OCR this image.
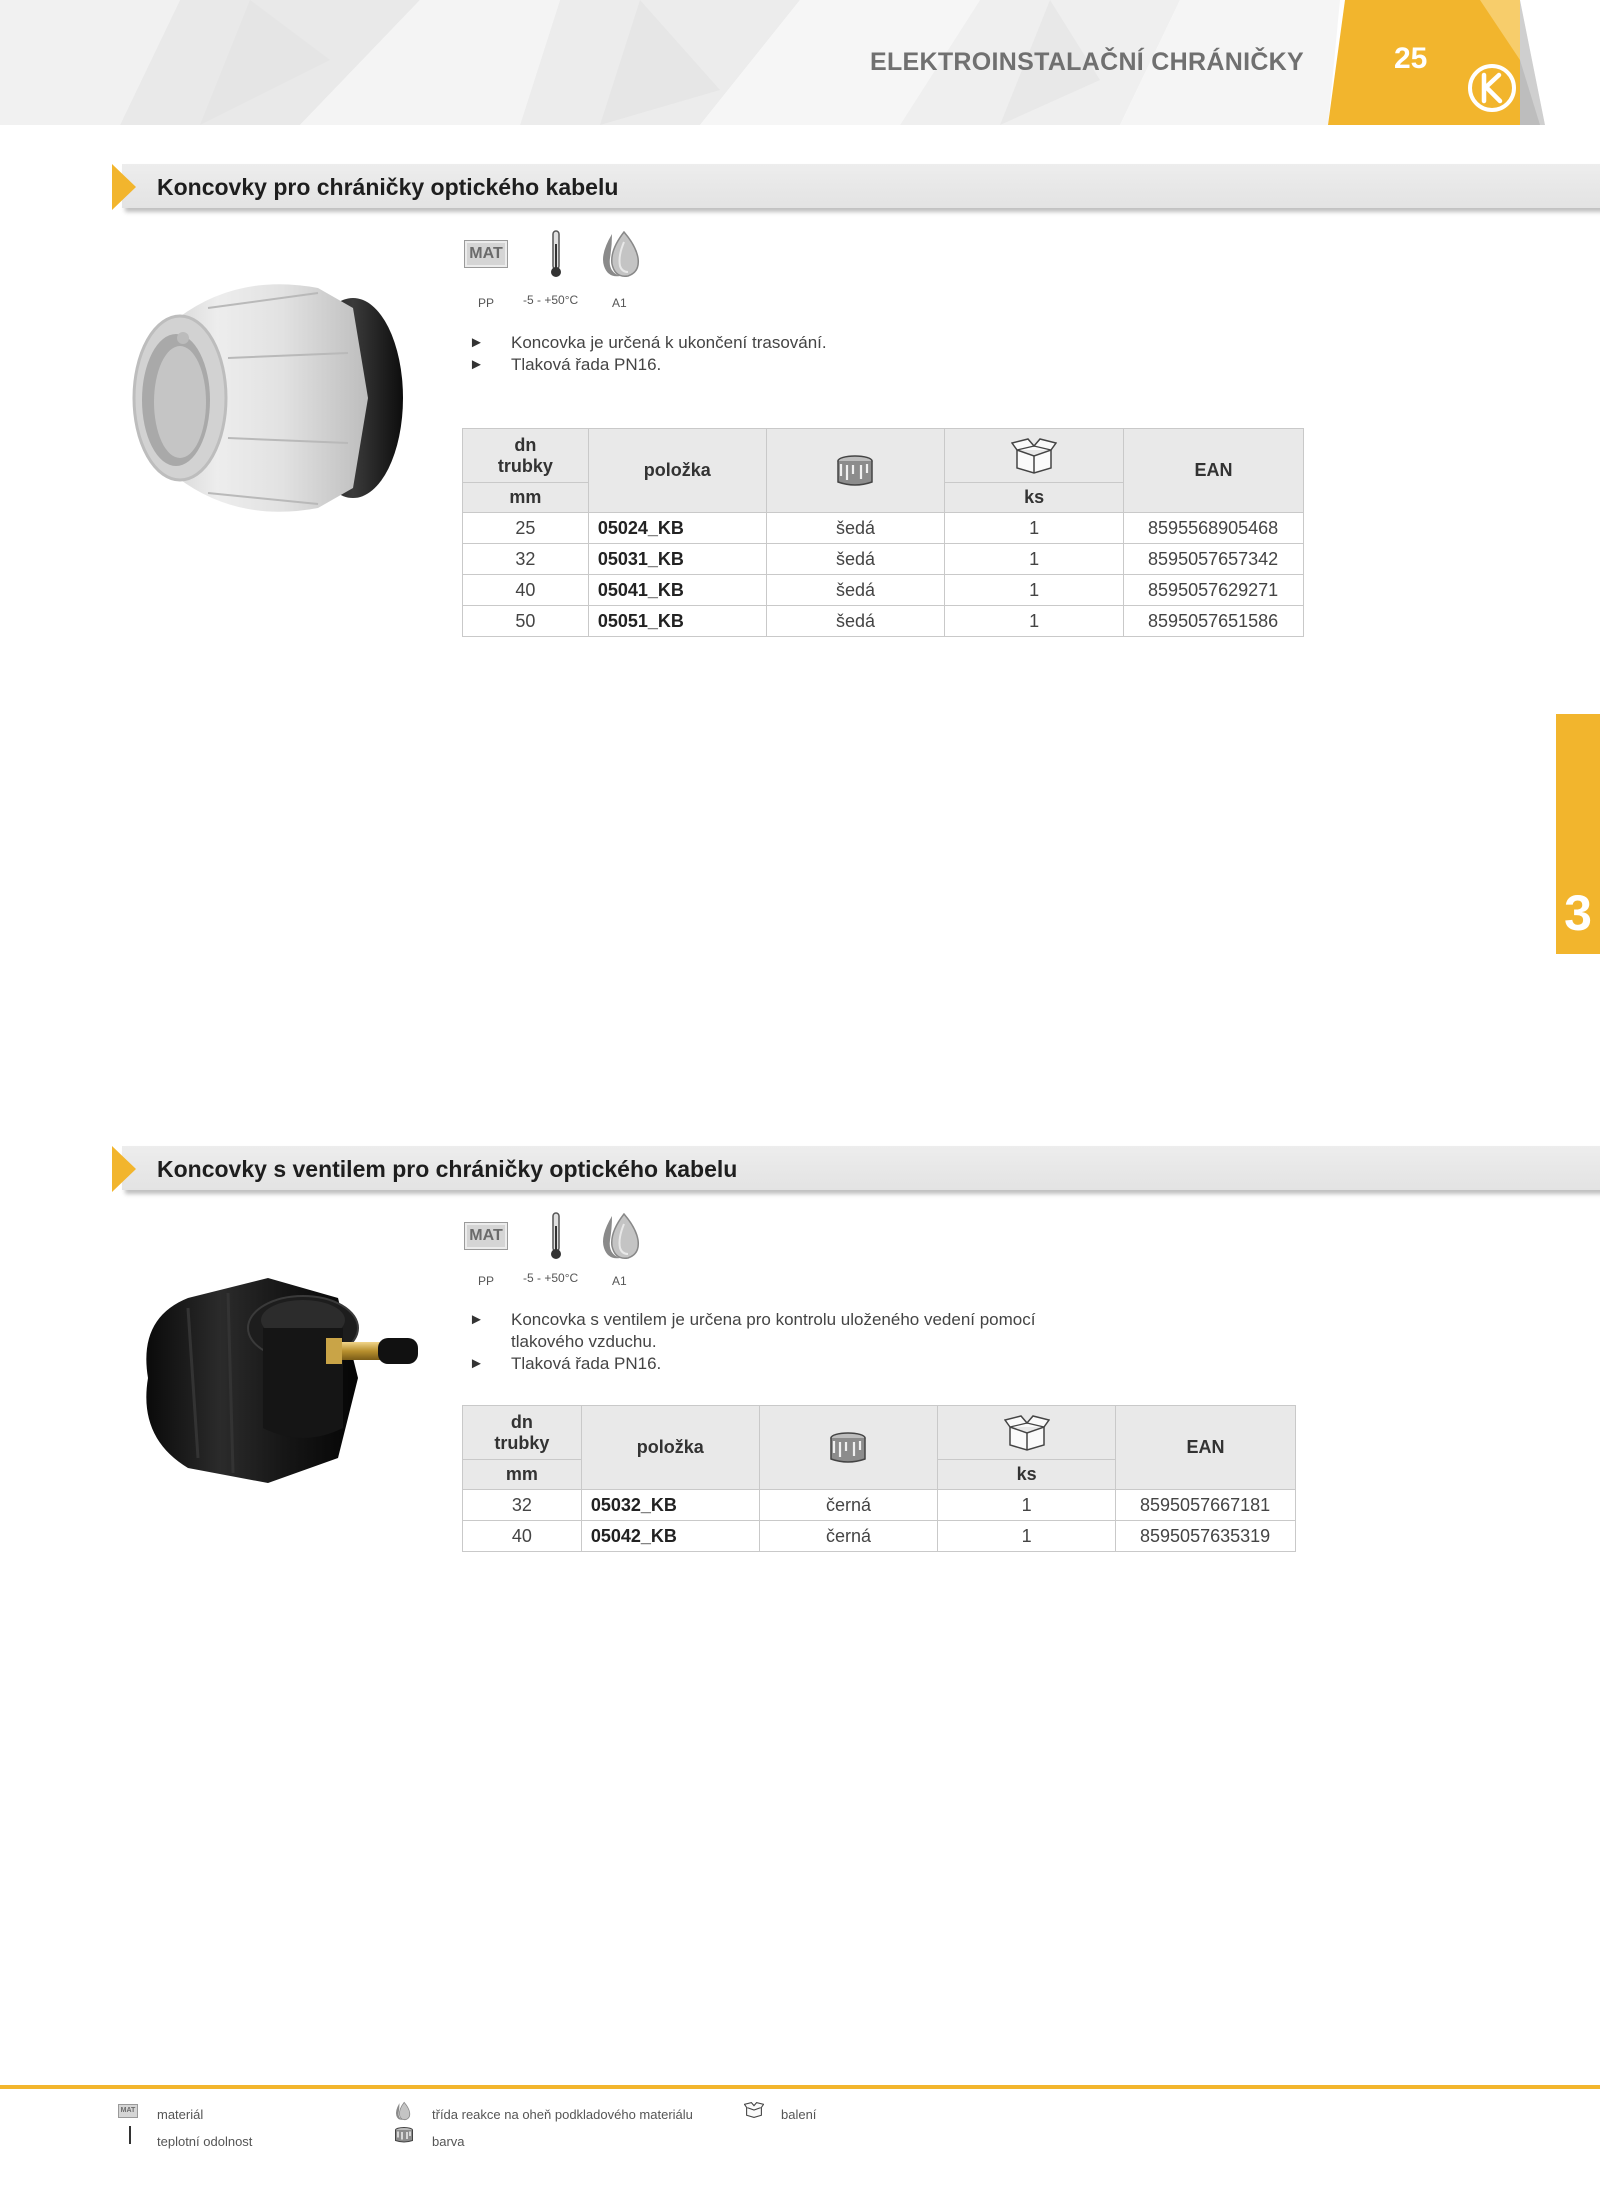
ELEKTROINSTALAČNÍ CHRÁNIČKY	25
3
Koncovky pro chráničky optického kabelu
MAT
PP -5 - +50°C	A1
► Koncovka je určená k ukončení trasování.
► Tlaková řada PN16.
dn
trubky	položka			EAN
mm			ks	
25	05024_KB	šedá	1	8595568905468
32	05031_KB	šedá	1	8595057657342
40	05041_KB	šedá	1	8595057629271
50	05051_KB	šedá	1	8595057651586
Koncovky s ventilem pro chráničky optického kabelu
MAT
PP -5 - +50°C	A1
► Koncovka s ventilem je určena pro kontrolu uloženého vedení pomocí tlakového vzduchu.
► Tlaková řada PN16.
dn
trubky	položka			EAN
mm			ks	
32	05032_KB	černá	1	8595057667181
40	05042_KB	černá	1	8595057635319
MAT materiál
teplotní odolnost
třída reakce na oheň podkladového materiálu
barva
balení
